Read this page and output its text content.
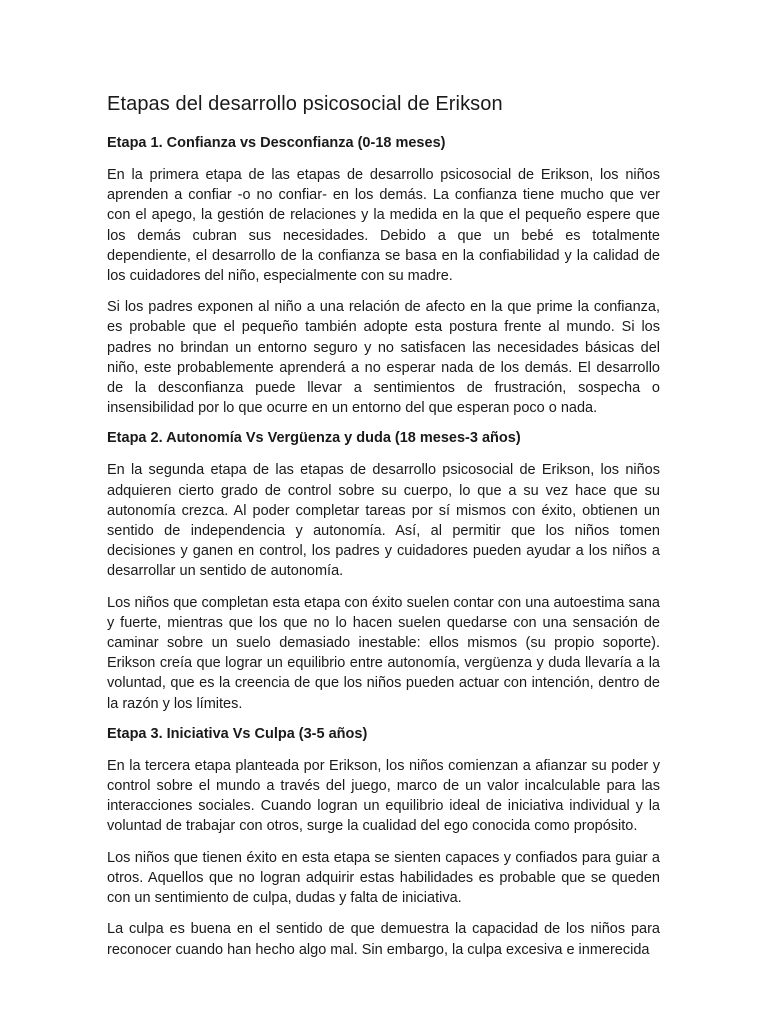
Etapas del desarrollo psicosocial de Erikson
Etapa 1. Confianza vs Desconfianza (0-18 meses)

En la primera etapa de las etapas de desarrollo psicosocial de Erikson, los niños aprenden a confiar -o no confiar- en los demás. La confianza tiene mucho que ver con el apego, la gestión de relaciones y la medida en la que el pequeño espere que los demás cubran sus necesidades. Debido a que un bebé es totalmente dependiente, el desarrollo de la confianza se basa en la confiabilidad y la calidad de los cuidadores del niño, especialmente con su madre.

Si los padres exponen al niño a una relación de afecto en la que prime la confianza, es probable que el pequeño también adopte esta postura frente al mundo. Si los padres no brindan un entorno seguro y no satisfacen las necesidades básicas del niño, este probablemente aprenderá a no esperar nada de los demás. El desarrollo de la desconfianza puede llevar a sentimientos de frustración, sospecha o insensibilidad por lo que ocurre en un entorno del que esperan poco o nada.

Etapa 2. Autonomía Vs Vergüenza y duda (18 meses-3 años)

En la segunda etapa de las etapas de desarrollo psicosocial de Erikson, los niños adquieren cierto grado de control sobre su cuerpo, lo que a su vez hace que su autonomía crezca. Al poder completar tareas por sí mismos con éxito, obtienen un sentido de independencia y autonomía. Así, al permitir que los niños tomen decisiones y ganen en control, los padres y cuidadores pueden ayudar a los niños a desarrollar un sentido de autonomía.

Los niños que completan esta etapa con éxito suelen contar con una autoestima sana y fuerte, mientras que los que no lo hacen suelen quedarse con una sensación de caminar sobre un suelo demasiado inestable: ellos mismos (su propio soporte). Erikson creía que lograr un equilibrio entre autonomía, vergüenza y duda llevaría a la voluntad, que es la creencia de que los niños pueden actuar con intención, dentro de la razón y los límites.

Etapa 3. Iniciativa Vs Culpa (3-5 años)

En la tercera etapa planteada por Erikson, los niños comienzan a afianzar su poder y control sobre el mundo a través del juego, marco de un valor incalculable para las interacciones sociales. Cuando logran un equilibrio ideal de iniciativa individual y la voluntad de trabajar con otros, surge la cualidad del ego conocida como propósito.

Los niños que tienen éxito en esta etapa se sienten capaces y confiados para guiar a otros. Aquellos que no logran adquirir estas habilidades es probable que se queden con un sentimiento de culpa, dudas y falta de iniciativa.

La culpa es buena en el sentido de que demuestra la capacidad de los niños para reconocer cuando han hecho algo mal. Sin embargo, la culpa excesiva e inmerecida
